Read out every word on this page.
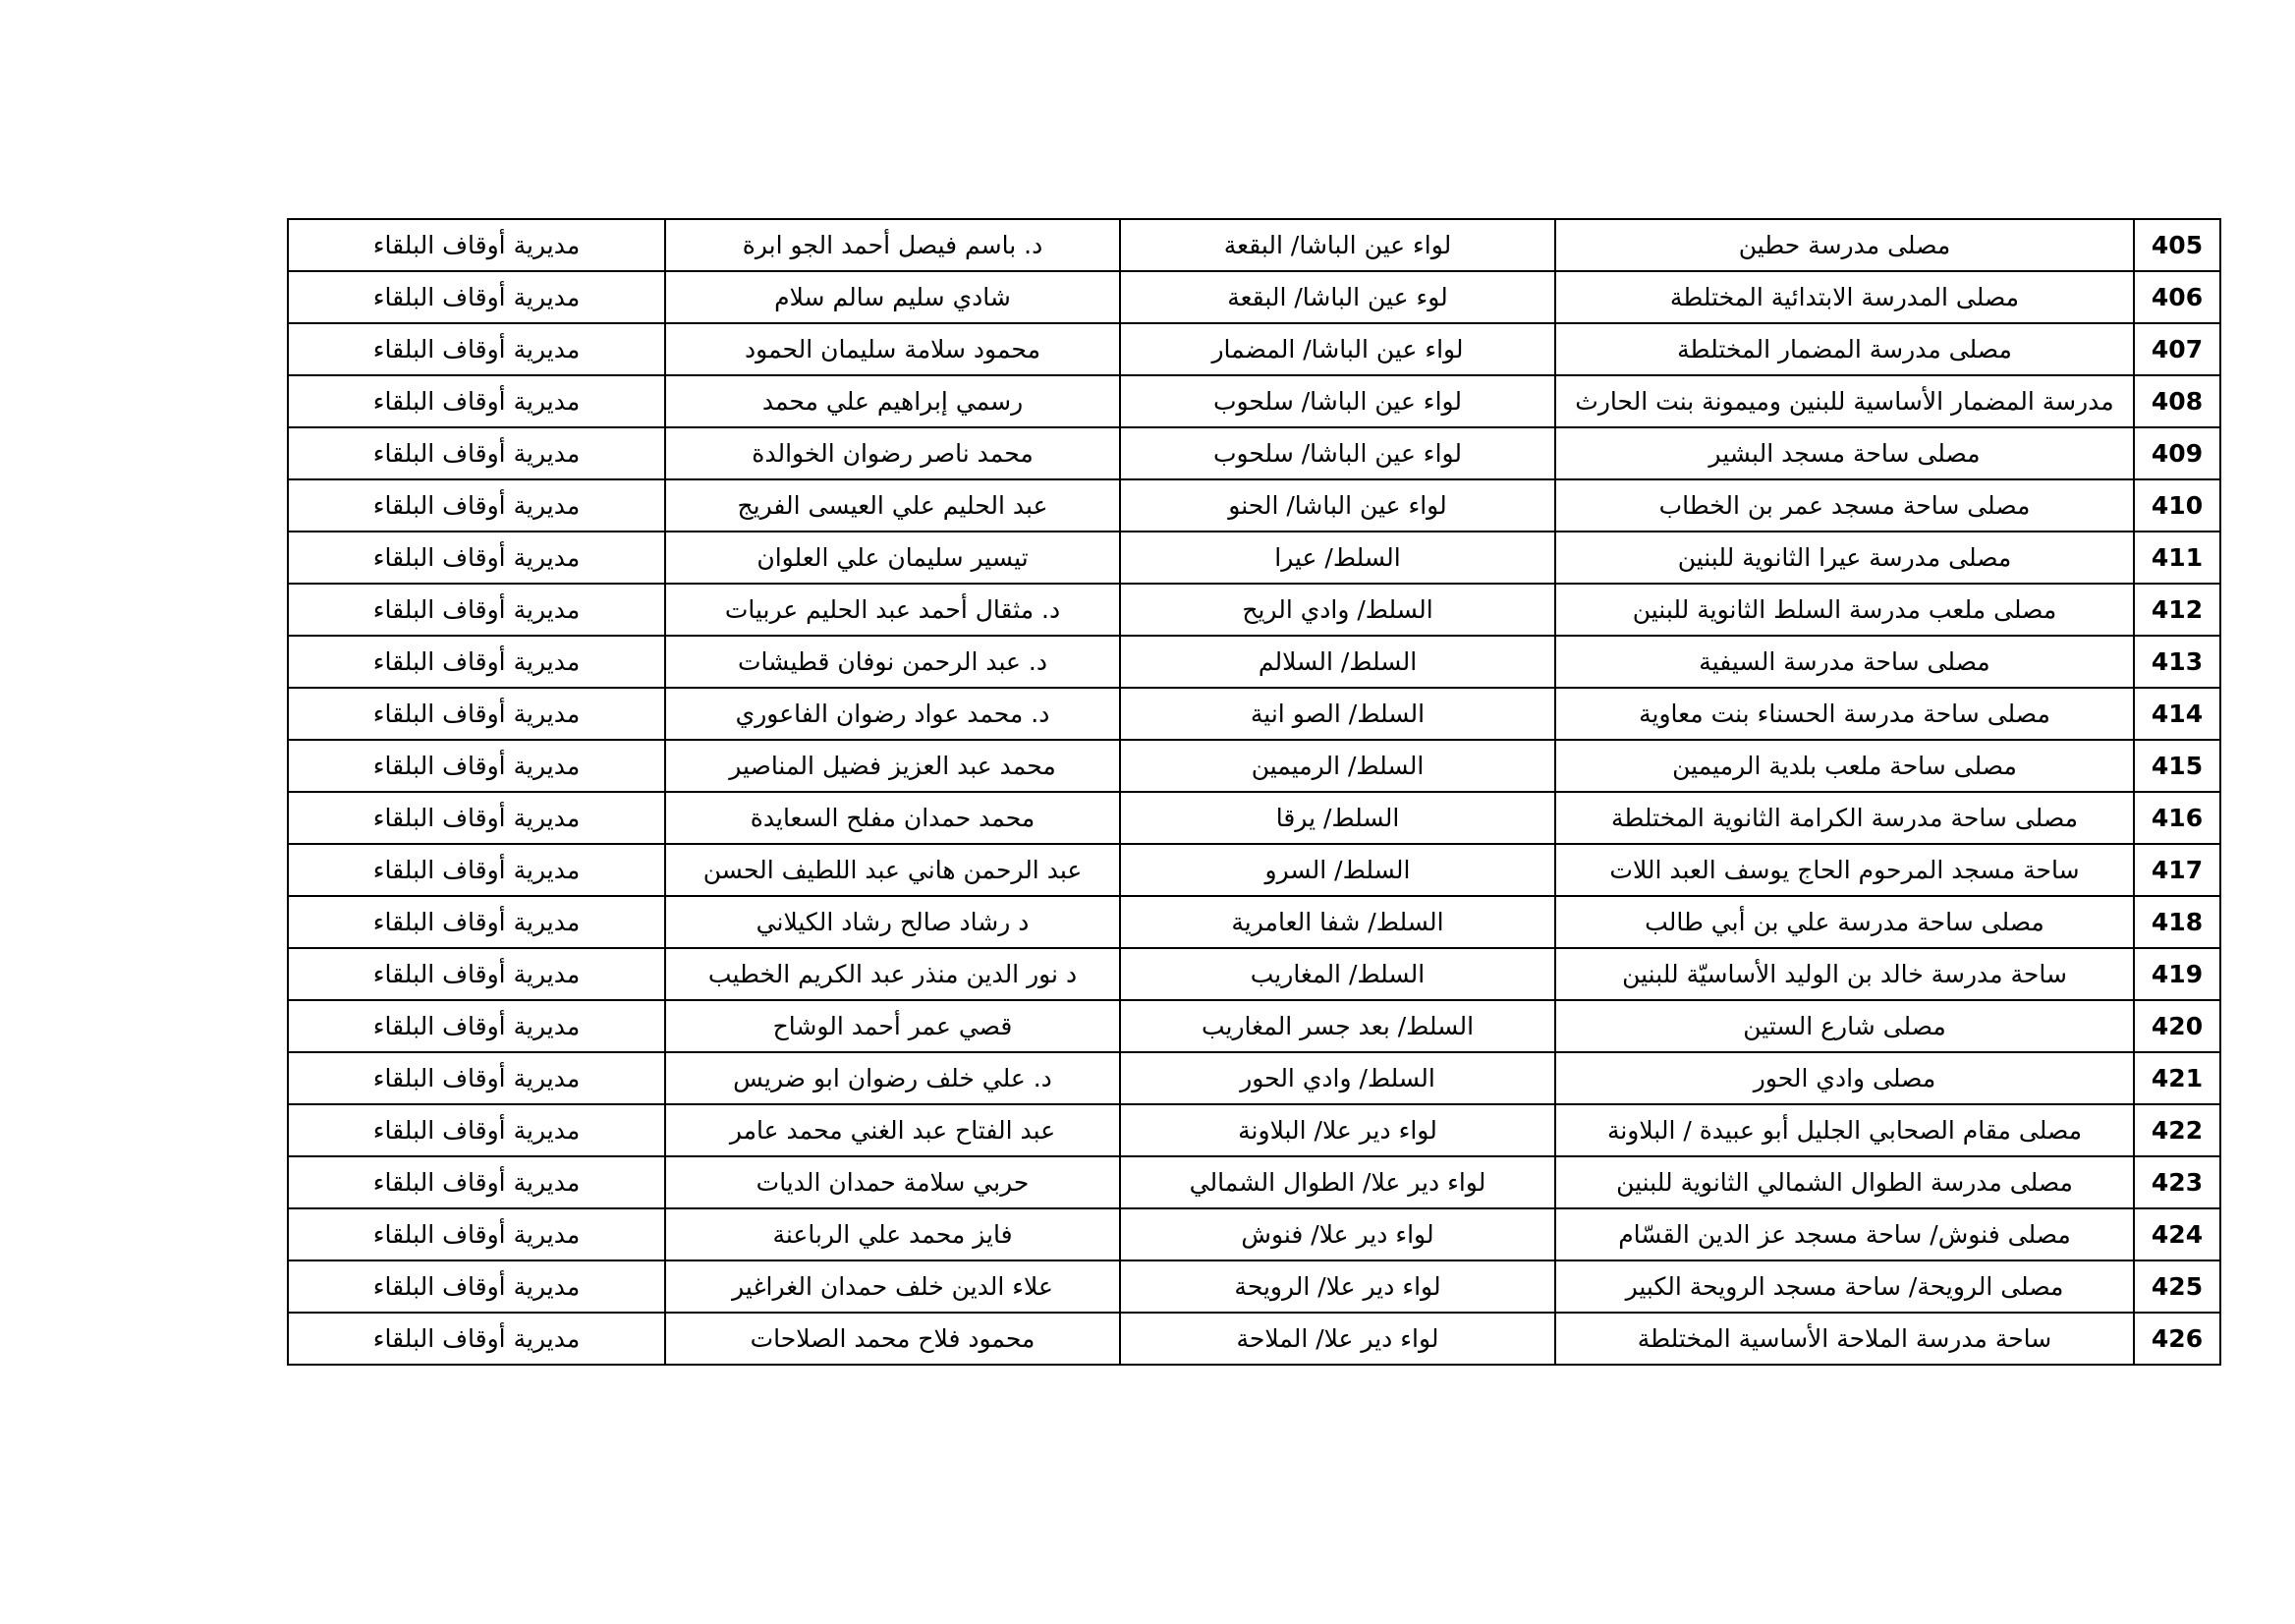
405	مصلى مدرسة حطين	لواء عين الباشا/ البقعة	د. باسم فيصل أحمد الجو ابرة	مديرية أوقاف البلقاء
406	مصلى المدرسة الابتدائية المختلطة	لوء عين الباشا/ البقعة	شادي سليم سالم سلام	مديرية أوقاف البلقاء
407	مصلى مدرسة المضمار المختلطة	لواء عين الباشا/ المضمار	محمود سلامة سليمان الحمود	مديرية أوقاف البلقاء
408	مدرسة المضمار الأساسية للبنين وميمونة بنت الحارث	لواء عين الباشا/ سلحوب	رسمي إبراهيم علي محمد	مديرية أوقاف البلقاء
409	مصلى ساحة مسجد البشير	لواء عين الباشا/ سلحوب	محمد ناصر رضوان الخوالدة	مديرية أوقاف البلقاء
410	مصلى ساحة مسجد عمر بن الخطاب	لواء عين الباشا/ الحنو	عبد الحليم علي العيسى الفريج	مديرية أوقاف البلقاء
411	مصلى مدرسة عيرا الثانوية للبنين	السلط/ عيرا	تيسير سليمان علي العلوان	مديرية أوقاف البلقاء
412	مصلى ملعب مدرسة السلط الثانوية للبنين	السلط/ وادي الريح	د. مثقال أحمد عبد الحليم عربيات	مديرية أوقاف البلقاء
413	مصلى ساحة مدرسة السيفية	السلط/ السلالم	د. عبد الرحمن نوفان قطيشات	مديرية أوقاف البلقاء
414	مصلى ساحة مدرسة الحسناء بنت معاوية	السلط/ الصو انية	د. محمد عواد رضوان الفاعوري	مديرية أوقاف البلقاء
415	مصلى ساحة ملعب بلدية الرميمين	السلط/ الرميمين	محمد عبد العزيز فضيل المناصير	مديرية أوقاف البلقاء
416	مصلى ساحة مدرسة الكرامة الثانوية المختلطة	السلط/ يرقا	محمد حمدان مفلح السعايدة	مديرية أوقاف البلقاء
417	ساحة مسجد المرحوم الحاج يوسف العبد اللات	السلط/ السرو	عبد الرحمن هاني عبد اللطيف الحسن	مديرية أوقاف البلقاء
418	مصلى ساحة مدرسة علي بن أبي طالب	السلط/ شفا العامرية	د رشاد صالح رشاد الكيلاني	مديرية أوقاف البلقاء
419	ساحة مدرسة خالد بن الوليد الأساسيّة للبنين	السلط/ المغاريب	د نور الدين منذر عبد الكريم الخطيب	مديرية أوقاف البلقاء
420	مصلى شارع الستين	السلط/ بعد جسر المغاريب	قصي عمر أحمد الوشاح	مديرية أوقاف البلقاء
421	مصلى وادي الحور	السلط/ وادي الحور	د. علي خلف رضوان ابو ضريس	مديرية أوقاف البلقاء
422	مصلى مقام الصحابي الجليل أبو عبيدة / البلاونة	لواء دير علا/ البلاونة	عبد الفتاح عبد الغني محمد عامر	مديرية أوقاف البلقاء
423	مصلى مدرسة الطوال الشمالي الثانوية للبنين	لواء دير علا/ الطوال الشمالي	حربي سلامة حمدان الديات	مديرية أوقاف البلقاء
424	مصلى فنوش/ ساحة مسجد عز الدين القسّام	لواء دير علا/ فنوش	فايز محمد علي الرباعنة	مديرية أوقاف البلقاء
425	مصلى الرويحة/ ساحة مسجد الرويحة الكبير	لواء دير علا/ الرويحة	علاء الدين خلف حمدان الغراغير	مديرية أوقاف البلقاء
426	ساحة مدرسة الملاحة الأساسية المختلطة	لواء دير علا/ الملاحة	محمود فلاح محمد الصلاحات	مديرية أوقاف البلقاء
